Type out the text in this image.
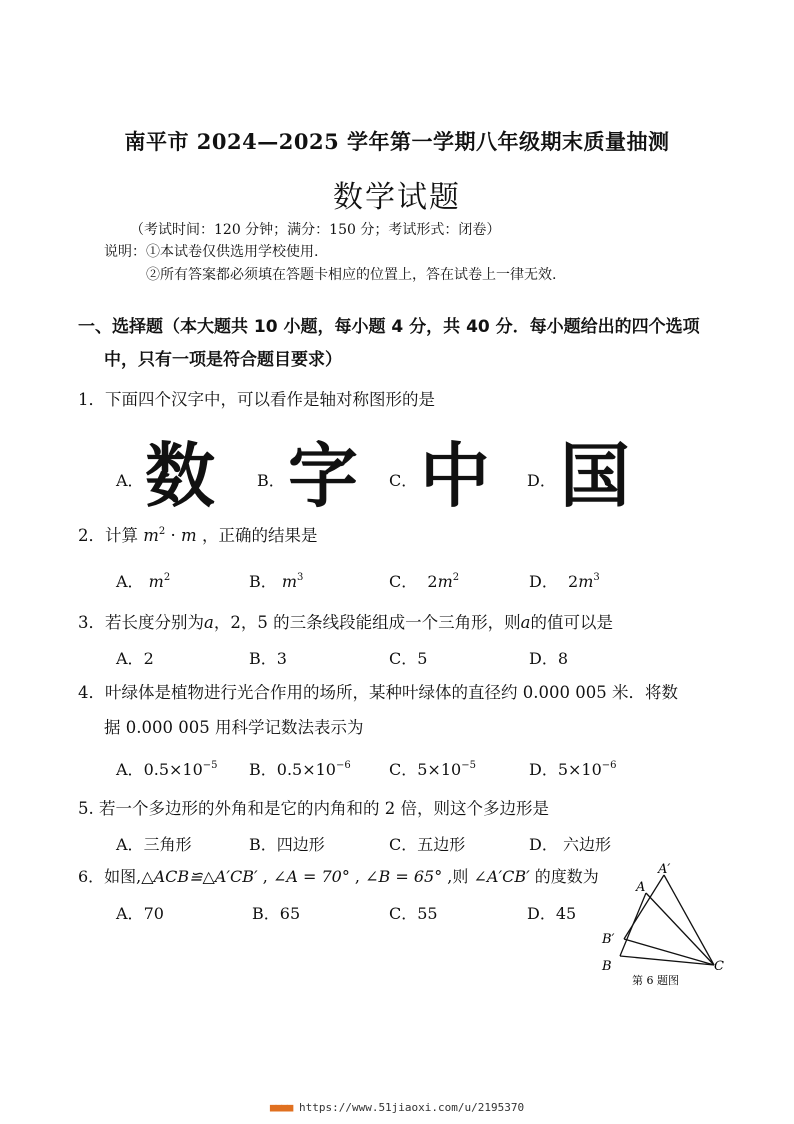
南平市 2024—2025 学年第一学期八年级期末质量抽测
数学试题
（考试时间：120 分钟；满分：150 分；考试形式：闭卷）
说明： ①本试卷仅供选用学校使用.
②所有答案都必须填在答题卡相应的位置上，答在试卷上一律无效.
一、选择题（本大题共 10 小题，每小题 4 分，共 40 分．每小题给出的四个选项
中，只有一项是符合题目要求）
1．下面四个汉字中，可以看作是轴对称图形的是
A． 数	B． 字 C． 中 D． 国
2．计算 $m^2 \cdot m$ ，正确的结果是
A． $m^2$	B． $m^3$	C． $2m^2$	D． $2m^3$
3．若长度分别为a，2，5 的三条线段能组成一个三角形，则a的值可以是
A．2	B．3	C．5	D．8
4．叶绿体是植物进行光合作用的场所，某种叶绿体的直径约 0.000 005 米．将数
据 0.000 005 用科学记数法表示为
A．$0.5\times 10^{-5}$ B．$0.5\times 10^{-6}$ C．$5\times 10^{-5}$	D．$5\times 10^{-6}$
5. 若一个多边形的外角和是它的内角和的 2 倍，则这个多边形是
A．三角形	B．四边形	C．五边形	D． 六边形
6．如图,△ACB≌△A′CB′ , ∠A = 70° , ∠B = 65° ,则 ∠A′CB′ 的度数为
A．70	B．65	C．55	D．45
A′
A
B′
B	C
第 6 题图
■■■■ https://www.51jiaoxi.com/u/2195370
